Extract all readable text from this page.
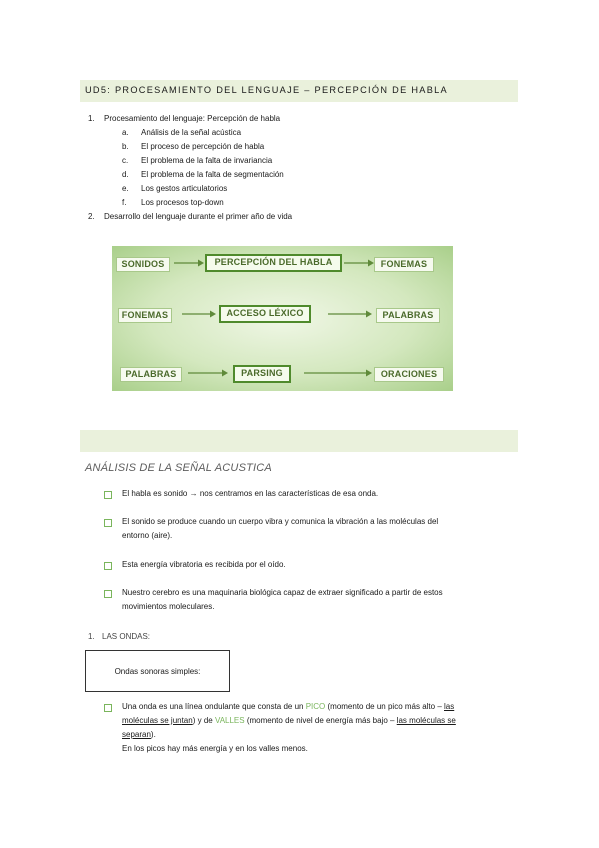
UD5: PROCESAMIENTO DEL LENGUAJE – PERCEPCIÓN DE HABLA
1. Procesamiento del lenguaje: Percepción de habla
a. Análisis de la señal acústica
b. El proceso de percepción de habla
c. El problema de la falta de invariancia
d. El problema de la falta de segmentación
e. Los gestos articulatorios
f. Los procesos top-down
2. Desarrollo del lenguaje durante el primer año de vida
SONIDOS	PERCEPCIÓN DEL HABLA	FONEMAS
FONEMAS	ACCESO LÉXICO	PALABRAS
PALABRAS	PARSING	ORACIONES
ANÁLISIS DE LA SEÑAL ACUSTICA
El habla es sonido → nos centramos en las características de esa onda.
El sonido se produce cuando un cuerpo vibra y comunica la vibración a las moléculas del
entorno (aire).
Esta energía vibratoria es recibida por el oído.
Nuestro cerebro es una maquinaria biológica capaz de extraer significado a partir de estos
movimientos moleculares.
1. LAS ONDAS:
Ondas sonoras simples:
Una onda es una línea ondulante que consta de un PICO (momento de un pico más alto – las
moléculas se juntan) y de VALLES (momento de nivel de energía más bajo – las moléculas se
separan).
En los picos hay más energía y en los valles menos.
